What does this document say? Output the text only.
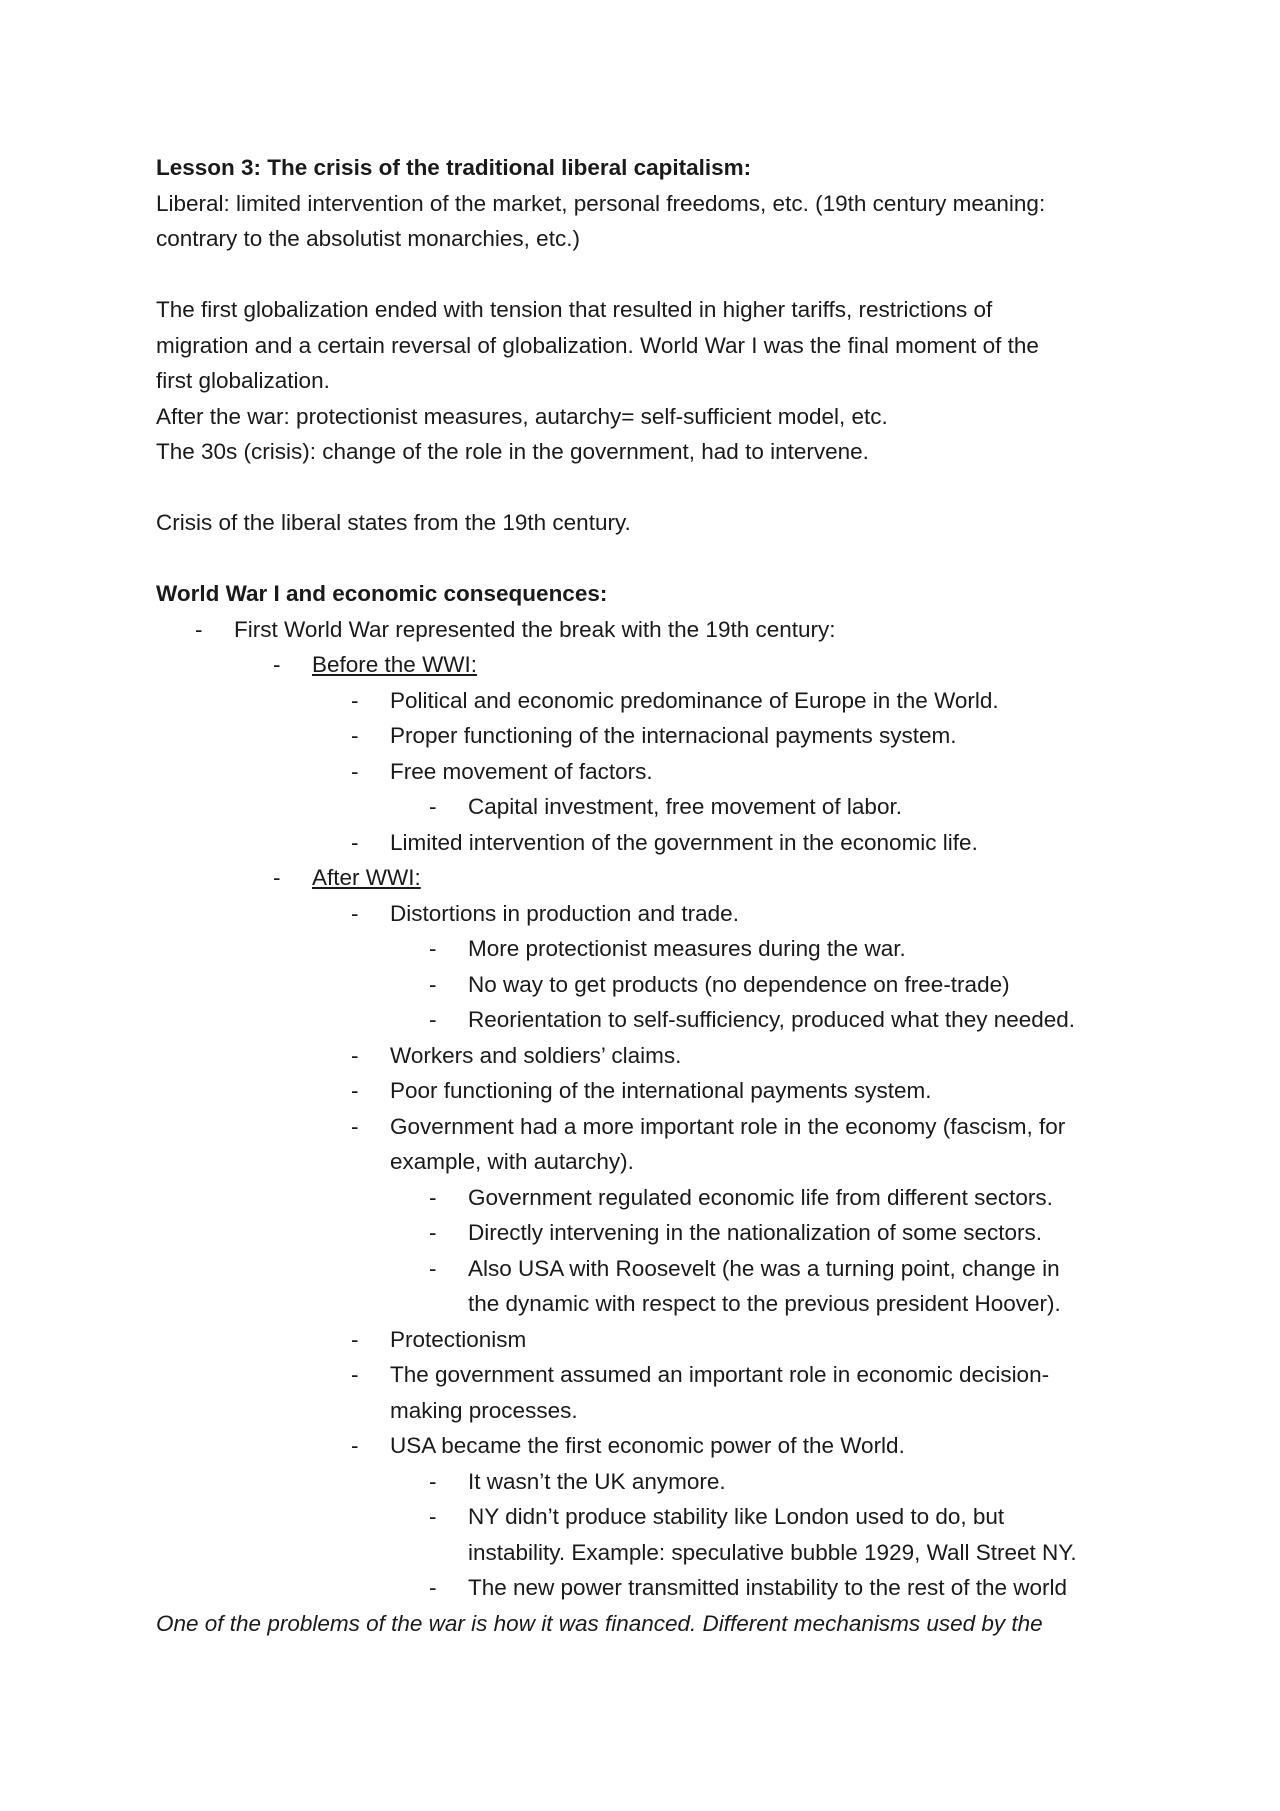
Lesson 3: The crisis of the traditional liberal capitalism:
Liberal: limited intervention of the market, personal freedoms, etc. (19th century meaning:
contrary to the absolutist monarchies, etc.)
The first globalization ended with tension that resulted in higher tariffs, restrictions of
migration and a certain reversal of globalization. World War I was the final moment of the
first globalization.
After the war: protectionist measures, autarchy= self-sufficient model, etc.
The 30s (crisis): change of the role in the government, had to intervene.
Crisis of the liberal states from the 19th century.
World War I and economic consequences:
- First World War represented the break with the 19th century:
- Before the WWI:
- Political and economic predominance of Europe in the World.
- Proper functioning of the internacional payments system.
- Free movement of factors.
- Capital investment, free movement of labor.
- Limited intervention of the government in the economic life.
- After WWI:
- Distortions in production and trade.
- More protectionist measures during the war.
- No way to get products (no dependence on free-trade)
- Reorientation to self-sufficiency, produced what they needed.
- Workers and soldiers’ claims.
- Poor functioning of the international payments system.
- Government had a more important role in the economy (fascism, for
example, with autarchy).
- Government regulated economic life from different sectors.
- Directly intervening in the nationalization of some sectors.
- Also USA with Roosevelt (he was a turning point, change in
the dynamic with respect to the previous president Hoover).
- Protectionism
- The government assumed an important role in economic decision-
making processes.
- USA became the first economic power of the World.
- It wasn’t the UK anymore.
- NY didn’t produce stability like London used to do, but
instability. Example: speculative bubble 1929, Wall Street NY.
- The new power transmitted instability to the rest of the world
One of the problems of the war is how it was financed. Different mechanisms used by the
